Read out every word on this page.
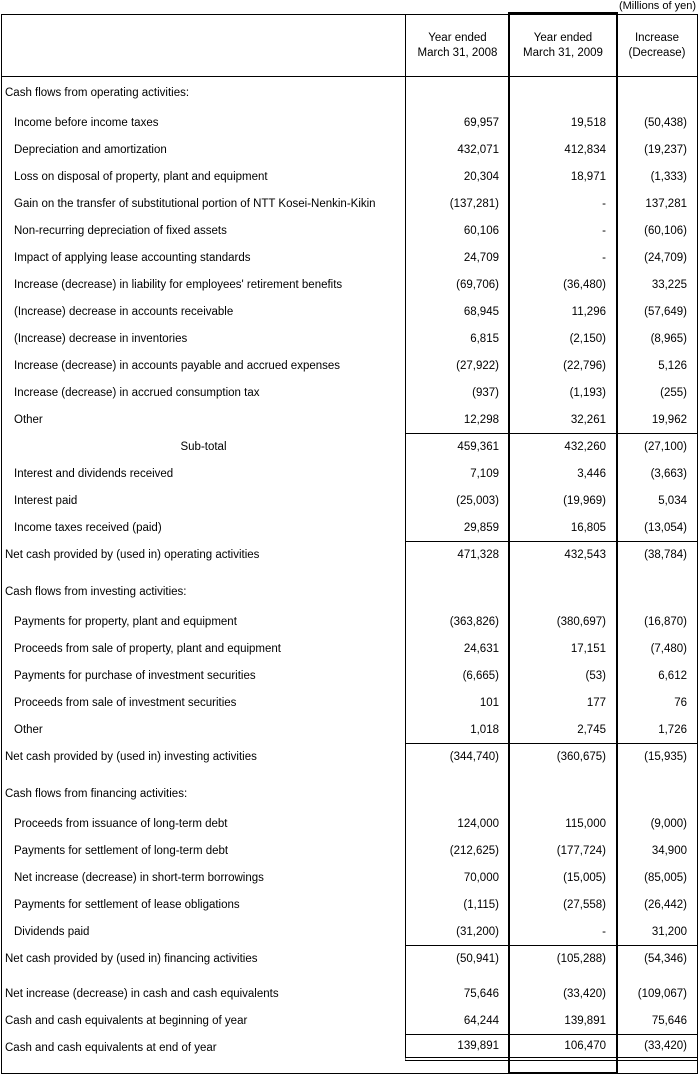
(Millions of yen)
Year ended
March 31, 2008
Year ended
March 31, 2009
Increase
(Decrease)
Cash flows from operating activities:
Income before income taxes	69,957	19,518	(50,438)
Depreciation and amortization	432,071	412,834	(19,237)
Loss on disposal of property, plant and equipment	20,304	18,971	(1,333)
Gain on the transfer of substitutional portion of NTT Kosei-Nenkin-Kikin	(137,281)	-	137,281
Non-recurring depreciation of fixed assets	60,106	-	(60,106)
Impact of applying lease accounting standards	24,709	-	(24,709)
Increase (decrease) in liability for employees' retirement benefits	(69,706)	(36,480)	33,225
(Increase) decrease in accounts receivable	68,945	11,296	(57,649)
(Increase) decrease in inventories	6,815	(2,150)	(8,965)
Increase (decrease) in accounts payable and accrued expenses	(27,922)	(22,796)	5,126
Increase (decrease) in accrued consumption tax	(937)	(1,193)	(255)
Other	12,298	32,261	19,962
Sub-total	459,361	432,260	(27,100)
Interest and dividends received	7,109	3,446	(3,663)
Interest paid	(25,003)	(19,969)	5,034
Income taxes received (paid)	29,859	16,805	(13,054)
Net cash provided by (used in) operating activities	471,328	432,543	(38,784)
Cash flows from investing activities:
Payments for property, plant and equipment	(363,826)	(380,697)	(16,870)
Proceeds from sale of property, plant and equipment	24,631	17,151	(7,480)
Payments for purchase of investment securities	(6,665)	(53)	6,612
Proceeds from sale of investment securities	101	177	76
Other	1,018	2,745	1,726
Net cash provided by (used in) investing activities	(344,740)	(360,675)	(15,935)
Cash flows from financing activities:
Proceeds from issuance of long-term debt	124,000	115,000	(9,000)
Payments for settlement of long-term debt	(212,625)	(177,724)	34,900
Net increase (decrease) in short-term borrowings	70,000	(15,005)	(85,005)
Payments for settlement of lease obligations	(1,115)	(27,558)	(26,442)
Dividends paid	(31,200)	-	31,200
Net cash provided by (used in) financing activities	(50,941)	(105,288)	(54,346)
Net increase (decrease) in cash and cash equivalents	75,646	(33,420)	(109,067)
Cash and cash equivalents at beginning of year	64,244	139,891	75,646
Cash and cash equivalents at end of year	139,891	106,470	(33,420)
